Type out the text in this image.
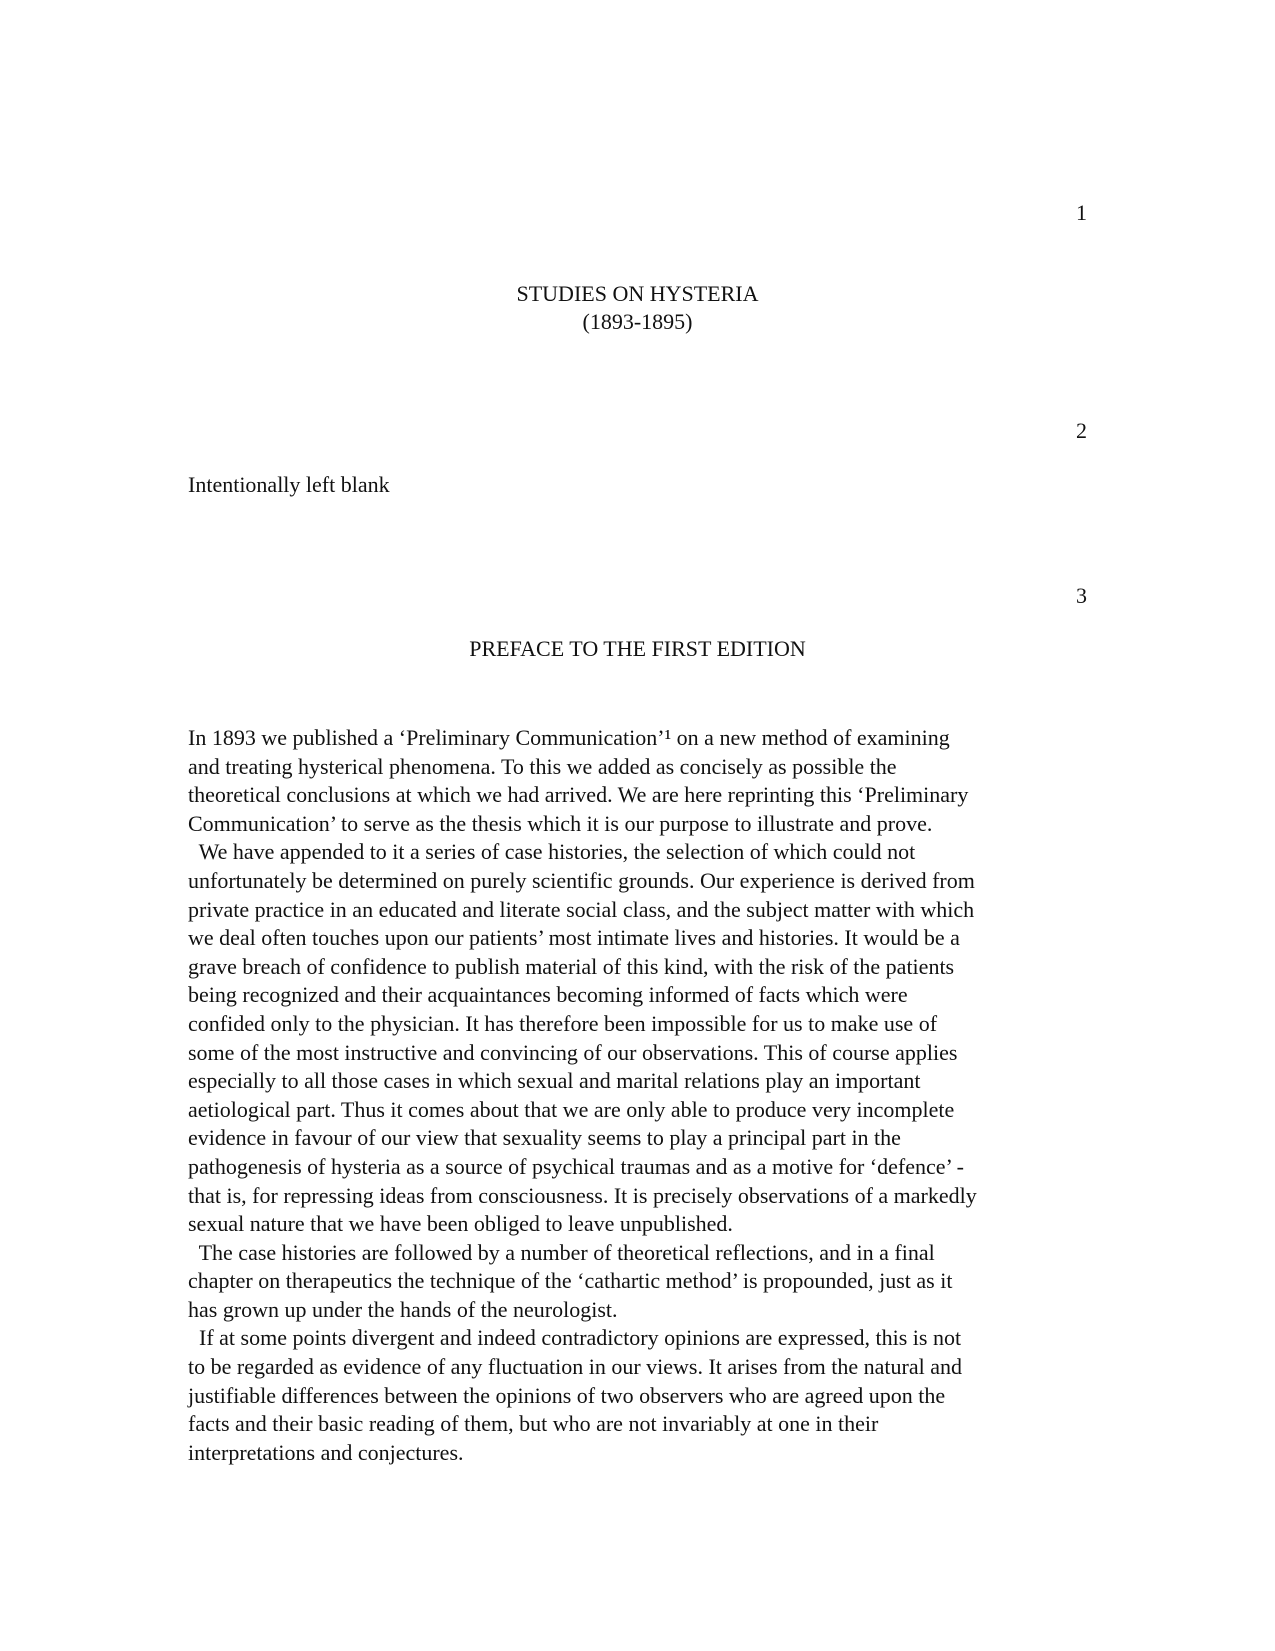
1
STUDIES ON HYSTERIA
(1893-1895)
2
Intentionally left blank
3
PREFACE TO THE FIRST EDITION
In 1893 we published a ‘Preliminary Communication’¹ on a new method of examining
and treating hysterical phenomena. To this we added as concisely as possible the
theoretical conclusions at which we had arrived. We are here reprinting this ‘Preliminary
Communication’ to serve as the thesis which it is our purpose to illustrate and prove.
We have appended to it a series of case histories, the selection of which could not
unfortunately be determined on purely scientific grounds. Our experience is derived from
private practice in an educated and literate social class, and the subject matter with which
we deal often touches upon our patients’ most intimate lives and histories. It would be a
grave breach of confidence to publish material of this kind, with the risk of the patients
being recognized and their acquaintances becoming informed of facts which were
confided only to the physician. It has therefore been impossible for us to make use of
some of the most instructive and convincing of our observations. This of course applies
especially to all those cases in which sexual and marital relations play an important
aetiological part. Thus it comes about that we are only able to produce very incomplete
evidence in favour of our view that sexuality seems to play a principal part in the
pathogenesis of hysteria as a source of psychical traumas and as a motive for ‘defence’ -
that is, for repressing ideas from consciousness. It is precisely observations of a markedly
sexual nature that we have been obliged to leave unpublished.
The case histories are followed by a number of theoretical reflections, and in a final
chapter on therapeutics the technique of the ‘cathartic method’ is propounded, just as it
has grown up under the hands of the neurologist.
If at some points divergent and indeed contradictory opinions are expressed, this is not
to be regarded as evidence of any fluctuation in our views. It arises from the natural and
justifiable differences between the opinions of two observers who are agreed upon the
facts and their basic reading of them, but who are not invariably at one in their
interpretations and conjectures.
